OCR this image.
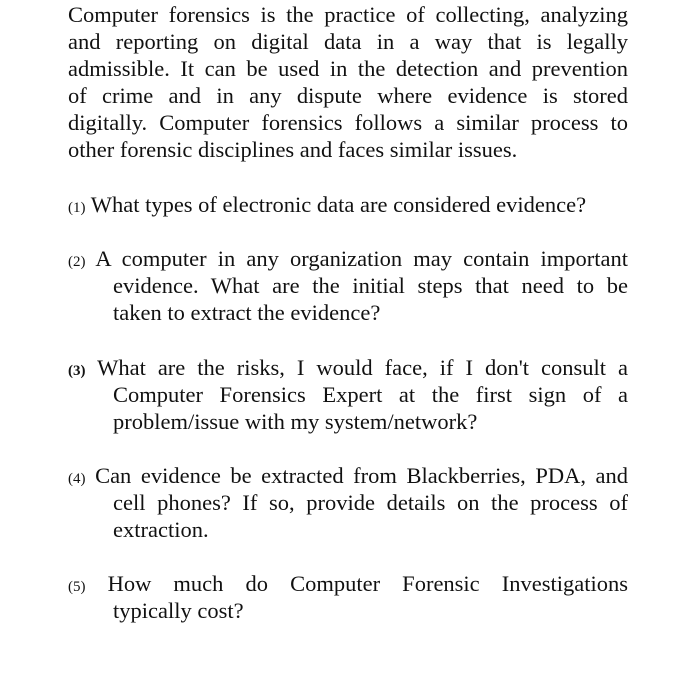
Computer forensics is the practice of collecting, analyzing
and reporting on digital data in a way that is legally
admissible. It can be used in the detection and prevention
of crime and in any dispute where evidence is stored
digitally. Computer forensics follows a similar process to
other forensic disciplines and faces similar issues.
(1) What types of electronic data are considered evidence?
(2) A computer in any organization may contain important
evidence. What are the initial steps that need to be
taken to extract the evidence?
(3) What are the risks, I would face, if I don't consult a
Computer Forensics Expert at the first sign of a
problem/issue with my system/network?
(4) Can evidence be extracted from Blackberries, PDA, and
cell phones? If so, provide details on the process of
extraction.
(5) How much do Computer Forensic Investigations
typically cost?
